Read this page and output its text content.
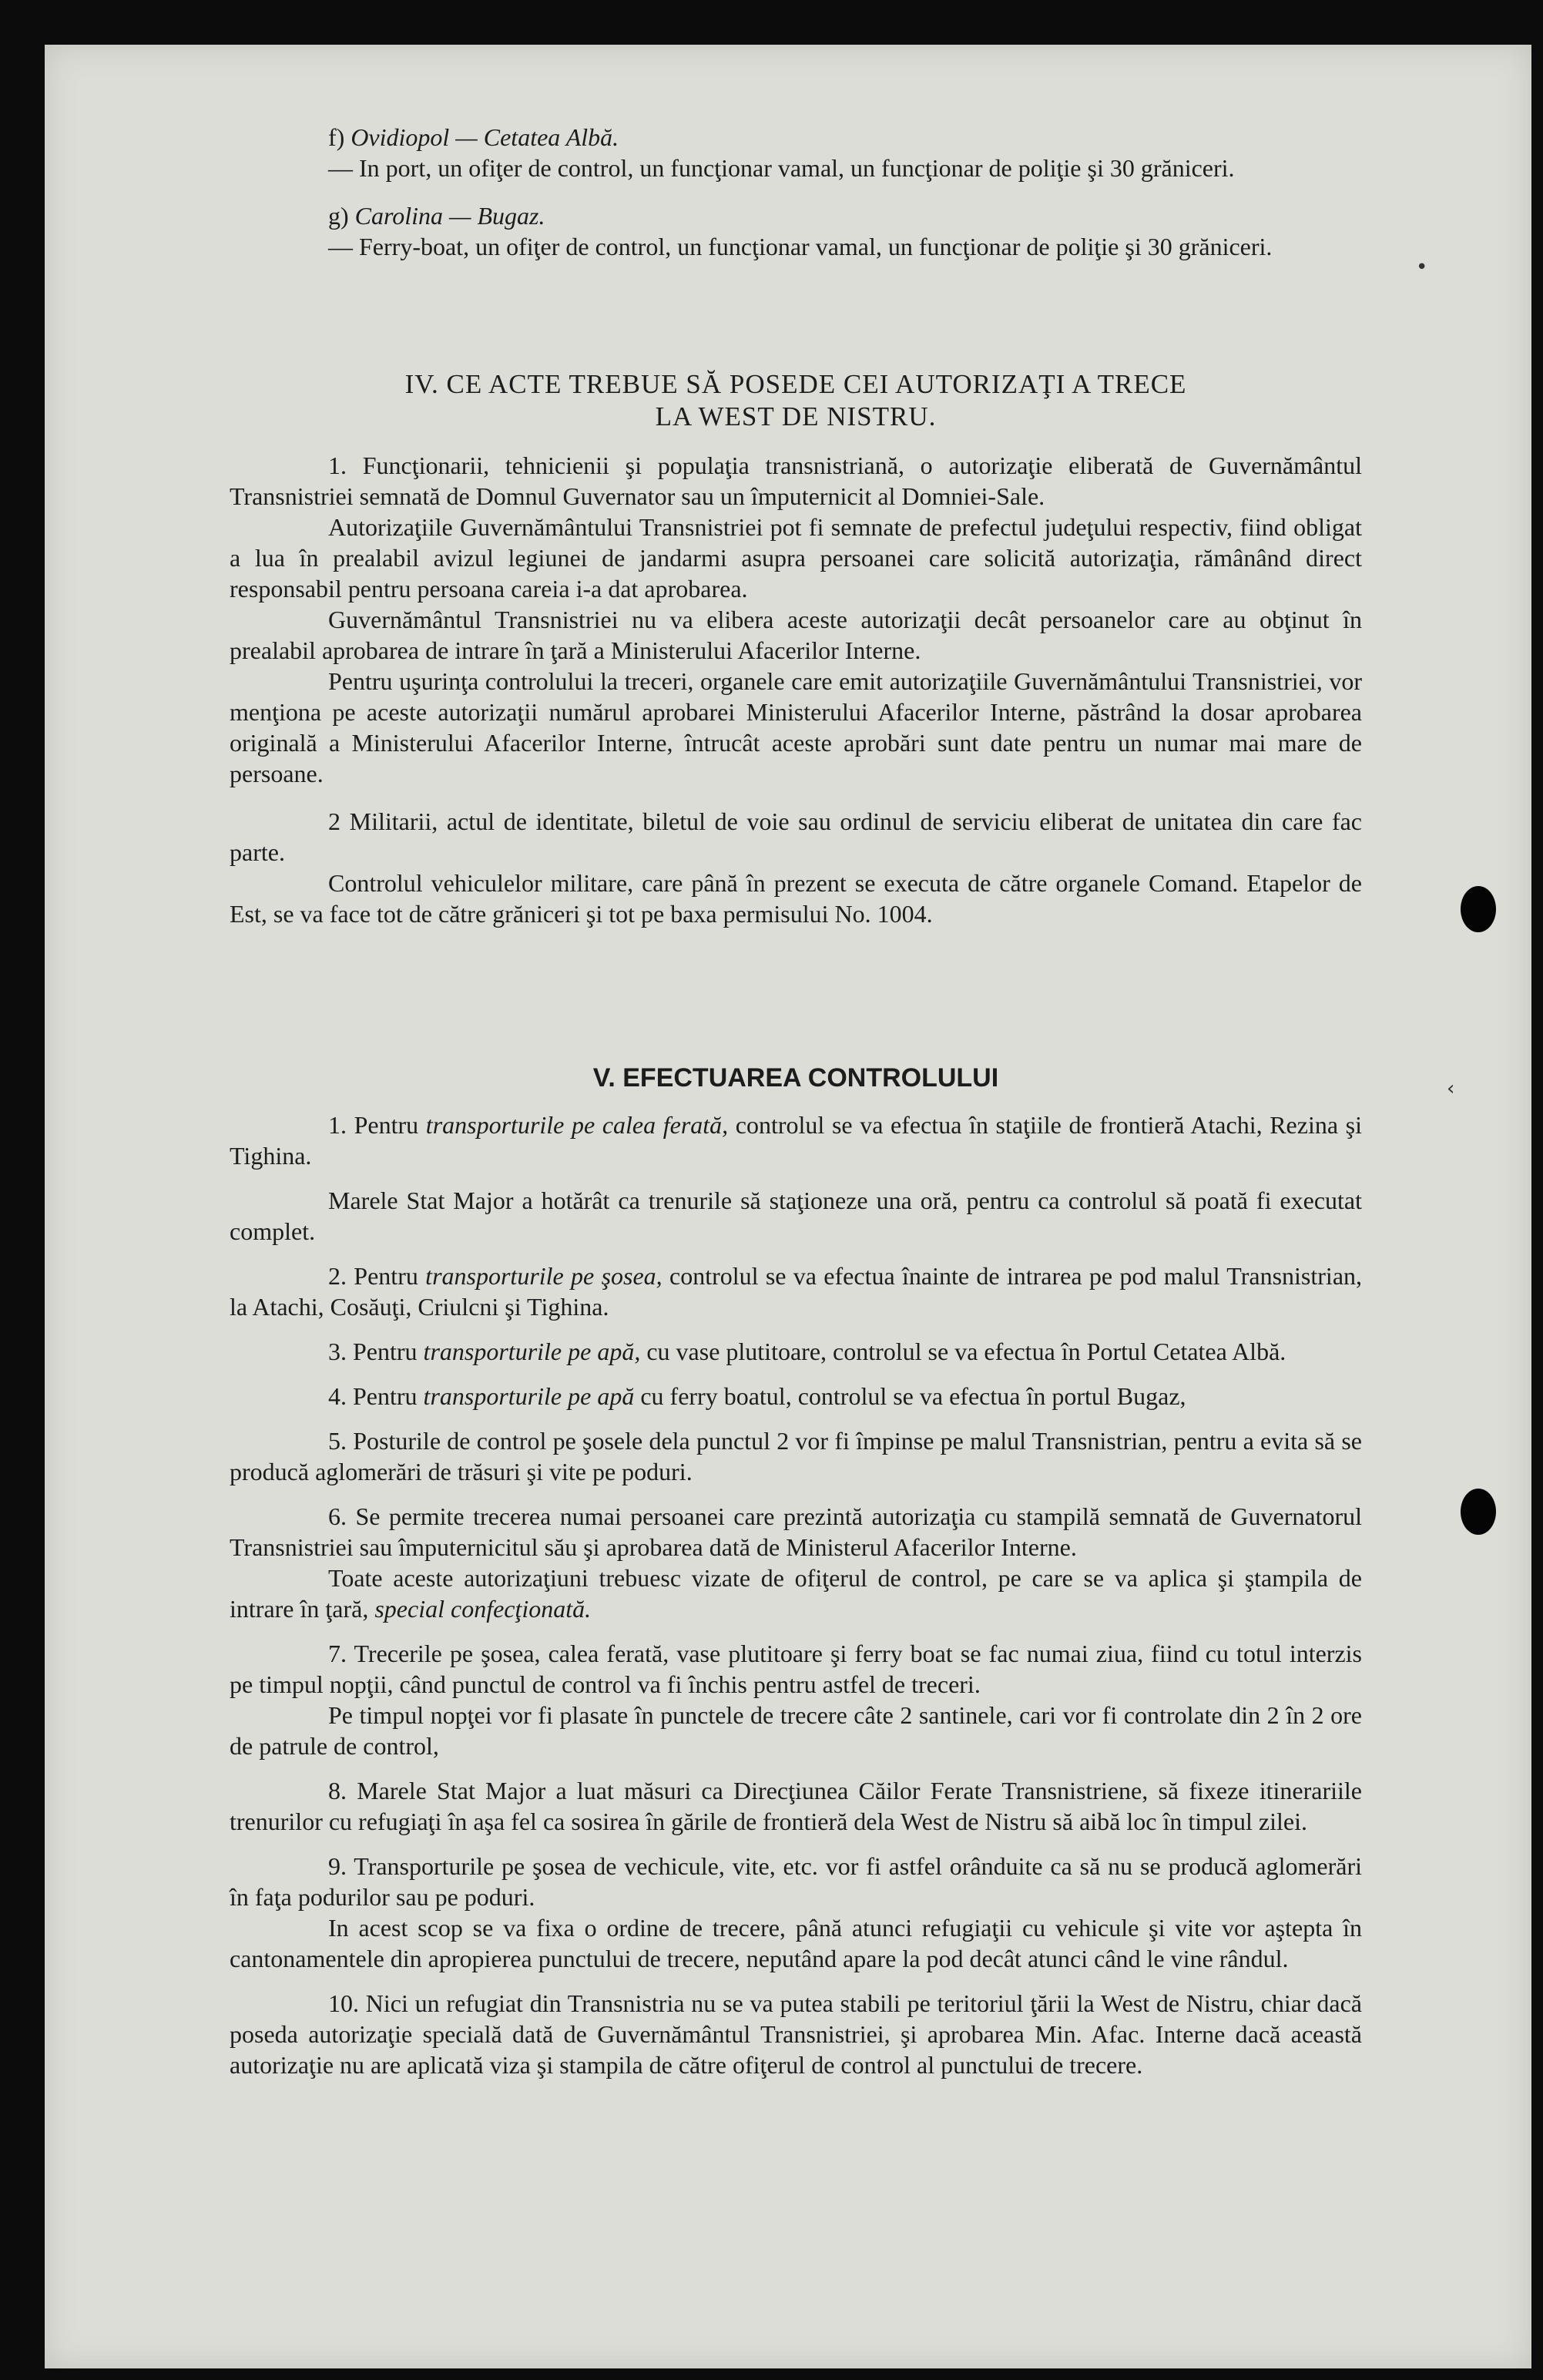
f) Ovidiopol — Cetatea Albă.

— In port, un ofiţer de control, un funcţionar vamal, un funcţionar de poliţie şi 30 grăniceri.

g) Carolina — Bugaz.

— Ferry-boat, un ofiţer de control, un funcţionar vamal, un funcţionar de poliţie şi 30 grăniceri.

IV. CE ACTE TREBUE SĂ POSEDE CEI AUTORIZAŢI A TRECE

LA WEST DE NISTRU.

1. Funcţionarii, tehnicienii şi populaţia transnistriană, o autorizaţie eliberată de Guvernământul Transnistriei semnată de Domnul Guvernator sau un împuternicit al Domniei-Sale.

Autorizaţiile Guvernământului Transnistriei pot fi semnate de prefectul judeţului respectiv, fiind obligat a lua în prealabil avizul legiunei de jandarmi asupra persoanei care solicită autorizaţia, rămânând direct responsabil pentru persoana careia i-a dat aprobarea.

Guvernământul Transnistriei nu va elibera aceste autorizaţii decât persoanelor care au obţinut în prealabil aprobarea de intrare în ţară a Ministerului Afacerilor Interne.

Pentru uşurinţa controlului la treceri, organele care emit autorizaţiile Guvernământului Transnistriei, vor menţiona pe aceste autorizaţii numărul aprobarei Ministerului Afacerilor Interne, păstrând la dosar aprobarea originală a Ministerului Afacerilor Interne, întrucât aceste aprobări sunt date pentru un numar mai mare de persoane.

2 Militarii, actul de identitate, biletul de voie sau ordinul de serviciu eliberat de unitatea din care fac parte.

Controlul vehiculelor militare, care până în prezent se executa de către organele Comand. Etapelor de Est, se va face tot de către grăniceri şi tot pe baxa permisului No. 1004.

V. EFECTUAREA CONTROLULUI

1. Pentru transporturile pe calea ferată, controlul se va efectua în staţiile de frontieră Atachi, Rezina şi Tighina.

Marele Stat Major a hotărât ca trenurile să staţioneze una oră, pentru ca controlul să poată fi executat complet.

2. Pentru transporturile pe şosea, controlul se va efectua înainte de intrarea pe pod malul Transnistrian, la Atachi, Cosăuţi, Criulcni şi Tighina.

3. Pentru transporturile pe apă, cu vase plutitoare, controlul se va efectua în Portul Cetatea Albă.

4. Pentru transporturile pe apă cu ferry boatul, controlul se va efectua în portul Bugaz,

5. Posturile de control pe şosele dela punctul 2 vor fi împinse pe malul Transnistrian, pentru a evita să se producă aglomerări de trăsuri şi vite pe poduri.

6. Se permite trecerea numai persoanei care prezintă autorizaţia cu stampilă semnată de Guvernatorul Transnistriei sau împuternicitul său şi aprobarea dată de Ministerul Afacerilor Interne.

Toate aceste autorizaţiuni trebuesc vizate de ofiţerul de control, pe care se va aplica şi ştampila de intrare în ţară, special confecţionată.

7. Trecerile pe şosea, calea ferată, vase plutitoare şi ferry boat se fac numai ziua, fiind cu totul interzis pe timpul nopţii, când punctul de control va fi închis pentru astfel de treceri.

Pe timpul nopţei vor fi plasate în punctele de trecere câte 2 santinele, cari vor fi controlate din 2 în 2 ore de patrule de control,

8. Marele Stat Major a luat măsuri ca Direcţiunea Căilor Ferate Transnistriene, să fixeze itinerariile trenurilor cu refugiaţi în aşa fel ca sosirea în gările de frontieră dela West de Nistru să aibă loc în timpul zilei.

9. Transporturile pe şosea de vechicule, vite, etc. vor fi astfel orânduite ca să nu se producă aglomerări în faţa podurilor sau pe poduri.

In acest scop se va fixa o ordine de trecere, până atunci refugiaţii cu vehicule şi vite vor aştepta în cantonamentele din apropierea punctului de trecere, neputând apare la pod decât atunci când le vine rândul.

10. Nici un refugiat din Transnistria nu se va putea stabili pe teritoriul ţării la West de Nistru, chiar dacă poseda autorizaţie specială dată de Guvernământul Transnistriei, şi aprobarea Min. Afac. Interne dacă această autorizaţie nu are aplicată viza şi stampila de către ofiţerul de control al punctului de trecere.

•
‹
